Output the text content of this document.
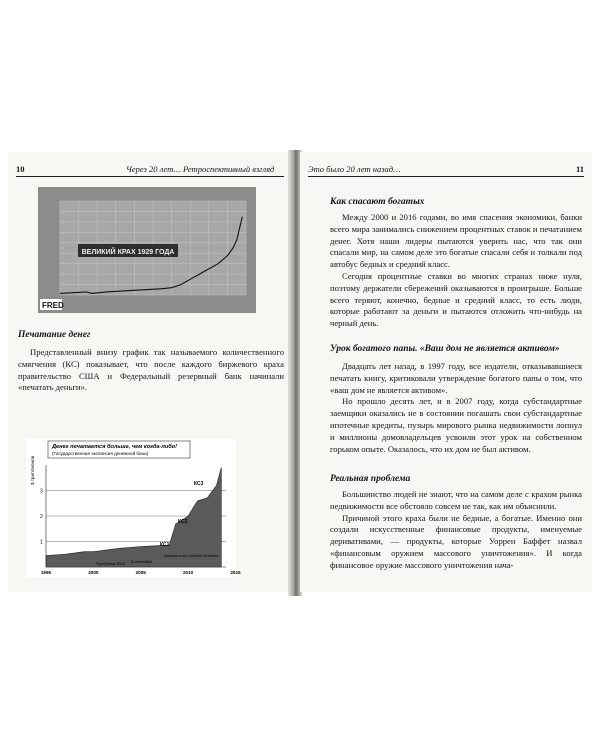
10	Через 20 лет… Ретроспективный взгляд
ВЕЛИКИЙ КРАХ 1929 ГОДА
FRED
Печатание денег

Представленный внизу график так называемого количественного смягчения (КС) показывает, что после каждого биржевого краха правительство США и Федеральный резервный банк начинали «печатать деньги».

Денег печатается больше, чем когда-либо!
(Государственная экспансия денежной базы)
$ триллионов
1
2
3
1995	2000	2005	2010	2015
КС3
КС2
КС1
Проблема 2000 11 сентября
Банкротство Lehman Brothers
Это было 20 лет назад…	11
Как спасают богатых

Между 2000 и 2016 годами, во имя спасения экономики, банки всего мира занимались снижением процентных ставок и печатанием денег. Хотя наши лидеры пытаются уверить нас, что так они спасали мир, на самом деле это богатые спасали себя и толкали под автобус бедных и средний класс.

Сегодня процентные ставки во многих странах ниже нуля, поэтому держатели сбережений оказываются в проигрыше. Больше всего теряют, конечно, бедные и средний класс, то есть люди, которые работают за деньги и пытаются отложить что-нибудь на черный день.

Урок богатого папы. «Ваш дом не является активом»

Двадцать лет назад, в 1997 году, все издатели, отказывавшиеся печатать книгу, критиковали утверждение богатого папы о том, что «ваш дом не является активом».

Но прошло десять лет, и в 2007 году, когда субстандартные заемщики оказались не в состоянии погашать свои субстандартные ипотечные кредиты, пузырь мирового рынка недвижимости лопнул и миллионы домовладельцев усвоили этот урок на собственном горьком опыте. Оказалось, что их дом не был активом.

Реальная проблема

Большинство людей не знают, что на самом деле с крахом рынка недвижимости все обстояло совсем не так, как им объяснили.

Причиной этого краха были не бедные, а богатые. Именно они создали искусственные финансовые продукты, именуемые деривативами, — продукты, которые Уоррен Баффет назвал «финансовым оружием массового уничтожения». И когда финансовое оружие массового уничтожения нача-
